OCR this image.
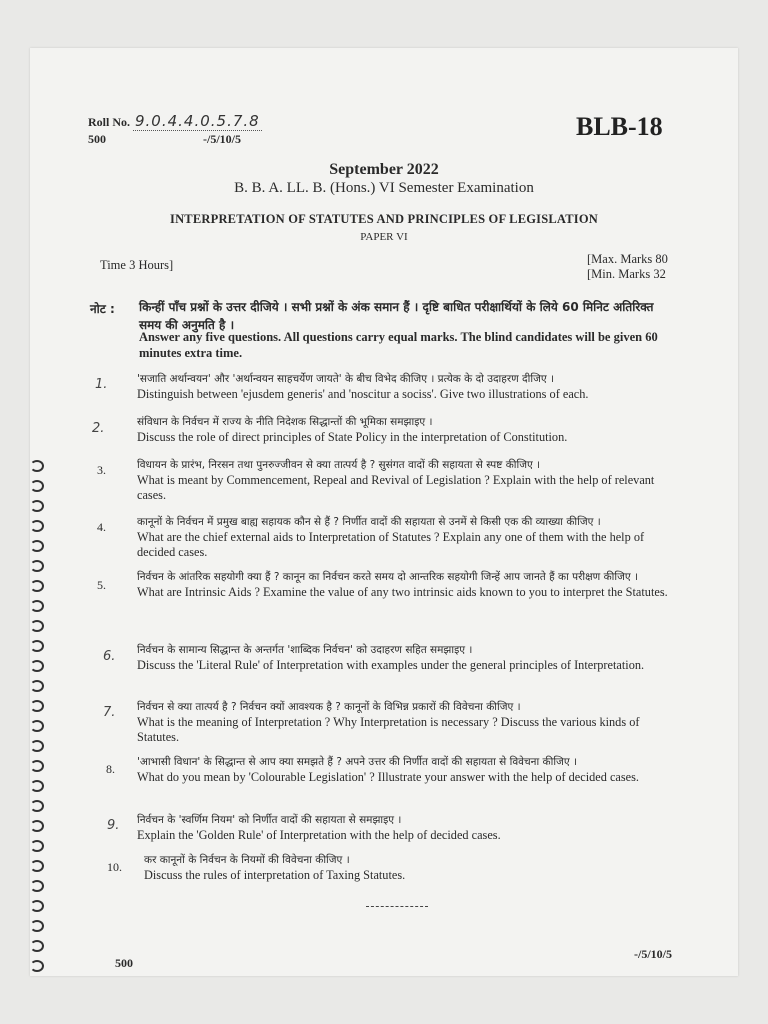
Roll No. 9.0.4.4.0.5.7.8
500	-/5/10/5	BLB-18
September 2022
B. B. A. LL. B. (Hons.) VI Semester Examination
INTERPRETATION OF STATUTES AND PRINCIPLES OF LEGISLATION
PAPER VI
Time 3 Hours]	[Max. Marks 80
[Min. Marks 32
नोट : किन्हीं पाँच प्रश्नों के उत्तर दीजिये । सभी प्रश्नों के अंक समान हैं । दृष्टि बाधित परीक्षार्थियों के लिये 60 मिनिट अतिरिक्त समय की अनुमति है ।
Answer any five questions. All questions carry equal marks. The blind candidates will be given 60 minutes extra time.
1.	'सजाति अर्थान्वयन' और 'अर्थान्वयन साहचर्येण जायते' के बीच विभेद कीजिए । प्रत्येक के दो उदाहरण दीजिए ।
Distinguish between 'ejusdem generis' and 'noscitur a sociss'. Give two illustrations of each.
2.	संविधान के निर्वचन में राज्य के नीति निदेशक सिद्धान्तों की भूमिका समझाइए ।
Discuss the role of direct principles of State Policy in the interpretation of Constitution.
3.	विधायन के प्रारंभ, निरसन तथा पुनरुज्जीवन से क्या तात्पर्य है ? सुसंगत वादों की सहायता से स्पष्ट कीजिए ।
What is meant by Commencement, Repeal and Revival of Legislation ? Explain with the help of relevant cases.
4.	कानूनों के निर्वचन में प्रमुख बाह्य सहायक कौन से हैं ? निर्णीत वादों की सहायता से उनमें से किसी एक की व्याख्या कीजिए ।
What are the chief external aids to Interpretation of Statutes ? Explain any one of them with the help of decided cases.
5.
निर्वचन के आंतरिक सहयोगी क्या हैं ? कानून का निर्वचन करते समय दो आन्तरिक सहयोगी जिन्हें आप जानते हैं का परीक्षण कीजिए ।
What are Intrinsic Aids ? Examine the value of any two intrinsic aids known to you to interpret the Statutes.
6. निर्वचन के सामान्य सिद्धान्त के अन्तर्गत 'शाब्दिक निर्वचन' को उदाहरण सहित समझाइए ।
Discuss the 'Literal Rule' of Interpretation with examples under the general principles of Interpretation.
7. निर्वचन से क्या तात्पर्य है ? निर्वचन क्यों आवश्यक है ? कानूनों के विभिन्न प्रकारों की विवेचना कीजिए ।
What is the meaning of Interpretation ? Why Interpretation is necessary ? Discuss the various kinds of Statutes.
8. 'आभासी विधान' के सिद्धान्त से आप क्या समझते हैं ? अपने उत्तर की निर्णीत वादों की सहायता से विवेचना कीजिए ।
What do you mean by 'Colourable Legislation' ? Illustrate your answer with the help of decided cases.
9. निर्वचन के 'स्वर्णिम नियम' को निर्णीत वादों की सहायता से समझाइए ।
Explain the 'Golden Rule' of Interpretation with the help of decided cases.
10. कर कानूनों के निर्वचन के नियमों की विवेचना कीजिए ।
Discuss the rules of interpretation of Taxing Statutes.
500
-/5/10/5
